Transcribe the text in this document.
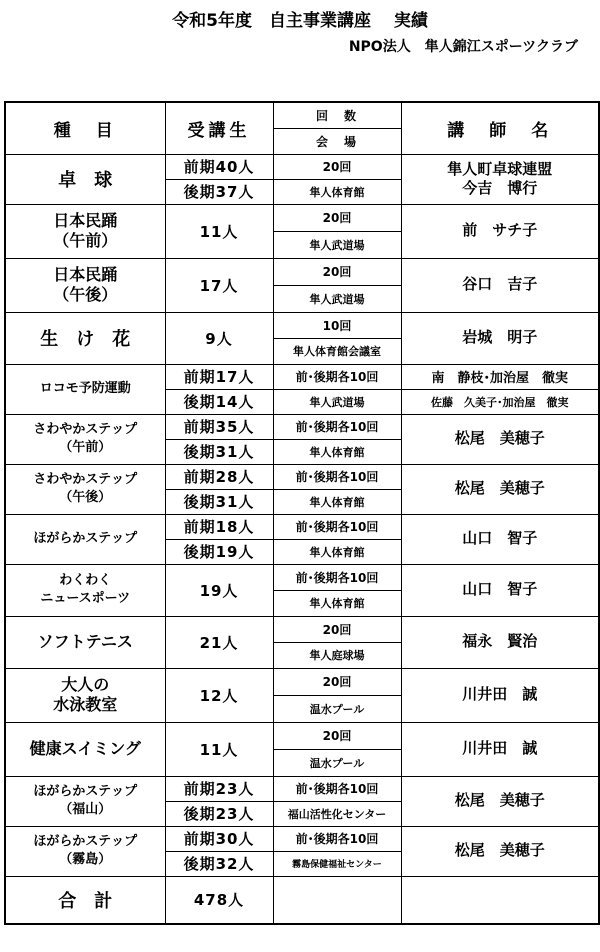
令和5年度　自主事業講座　 実績
NPO法人　隼人錦江スポーツクラブ
種　目	受講生	回　数	講　師　名
		会　場	
卓　球	前期40人	20回	隼人町卓球連盟
今吉　博行
	後期37人	隼人体育館	
日本民踊
（午前）	11人	20回	前　サチ子
		隼人武道場	
日本民踊
（午後）	17人	20回	谷口　吉子
		隼人武道場	
生　け　花	9人	10回	岩城　明子
		隼人体育館会議室	
ロコモ予防運動	前期17人	前･後期各10回	南　静枝･加治屋　徹実
	後期14人	隼人武道場	佐藤　久美子･加治屋　徹実
さわやかステップ
（午前）	前期35人	前･後期各10回	松尾　美穂子
	後期31人	隼人体育館	
さわやかステップ
（午後）	前期28人	前･後期各10回	松尾　美穂子
	後期31人	隼人体育館	
ほがらかステップ	前期18人	前･後期各10回	山口　智子
	後期19人	隼人体育館	
わくわく
ニュースポーツ	19人	前･後期各10回	山口　智子
		隼人体育館	
ソフトテニス	21人	20回	福永　賢治
		隼人庭球場	
大人の
水泳教室	12人	20回	川井田　誠
		温水プール	
健康スイミング	11人	20回	川井田　誠
		温水プール	
ほがらかステップ
（福山）	前期23人	前･後期各10回	松尾　美穂子
	後期23人	福山活性化センター	
ほがらかステップ
（霧島）	前期30人	前･後期各10回	松尾　美穂子
	後期32人	霧島保健福祉センター	
合　計	478人		
